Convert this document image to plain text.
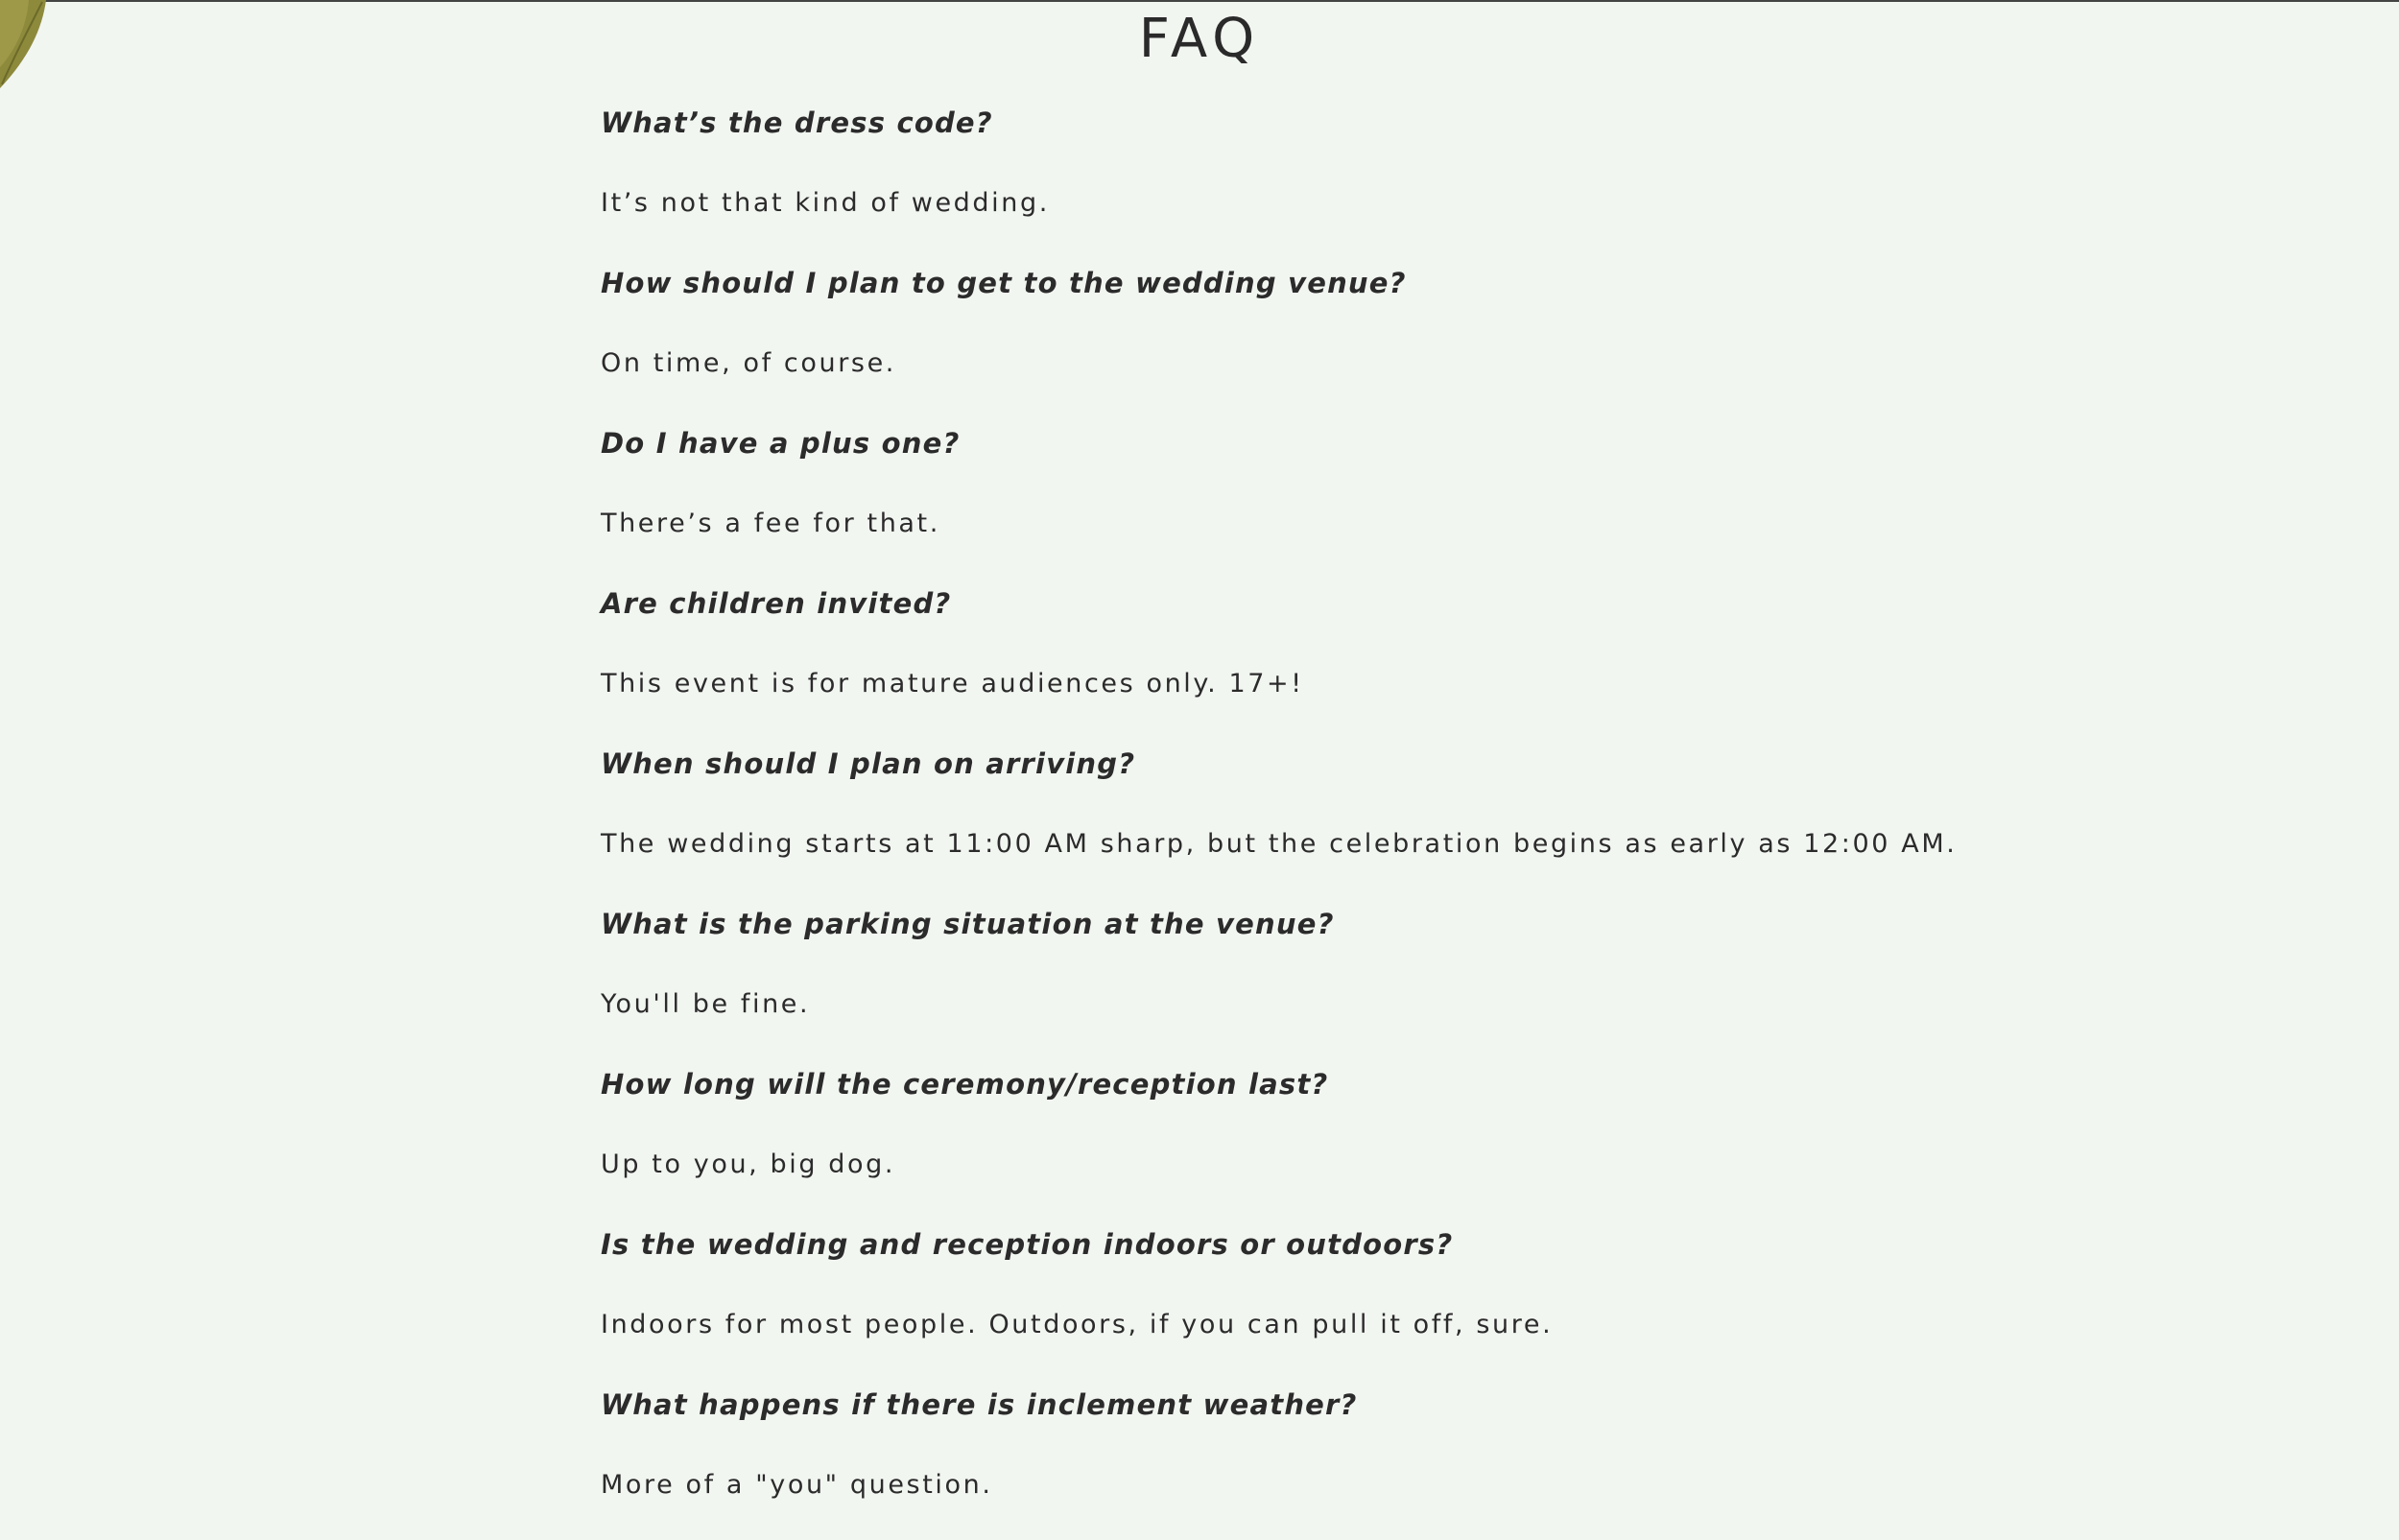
FAQ
What’s the dress code?
It’s not that kind of wedding.
How should I plan to get to the wedding venue?
On time, of course.
Do I have a plus one?
There’s a fee for that.
Are children invited?
This event is for mature audiences only. 17+!
When should I plan on arriving?
The wedding starts at 11:00 AM sharp, but the celebration begins as early as 12:00 AM.
What is the parking situation at the venue?
You'll be fine.
How long will the ceremony/reception last?
Up to you, big dog.
Is the wedding and reception indoors or outdoors?
Indoors for most people. Outdoors, if you can pull it off, sure.
What happens if there is inclement weather?
More of a "you" question.
